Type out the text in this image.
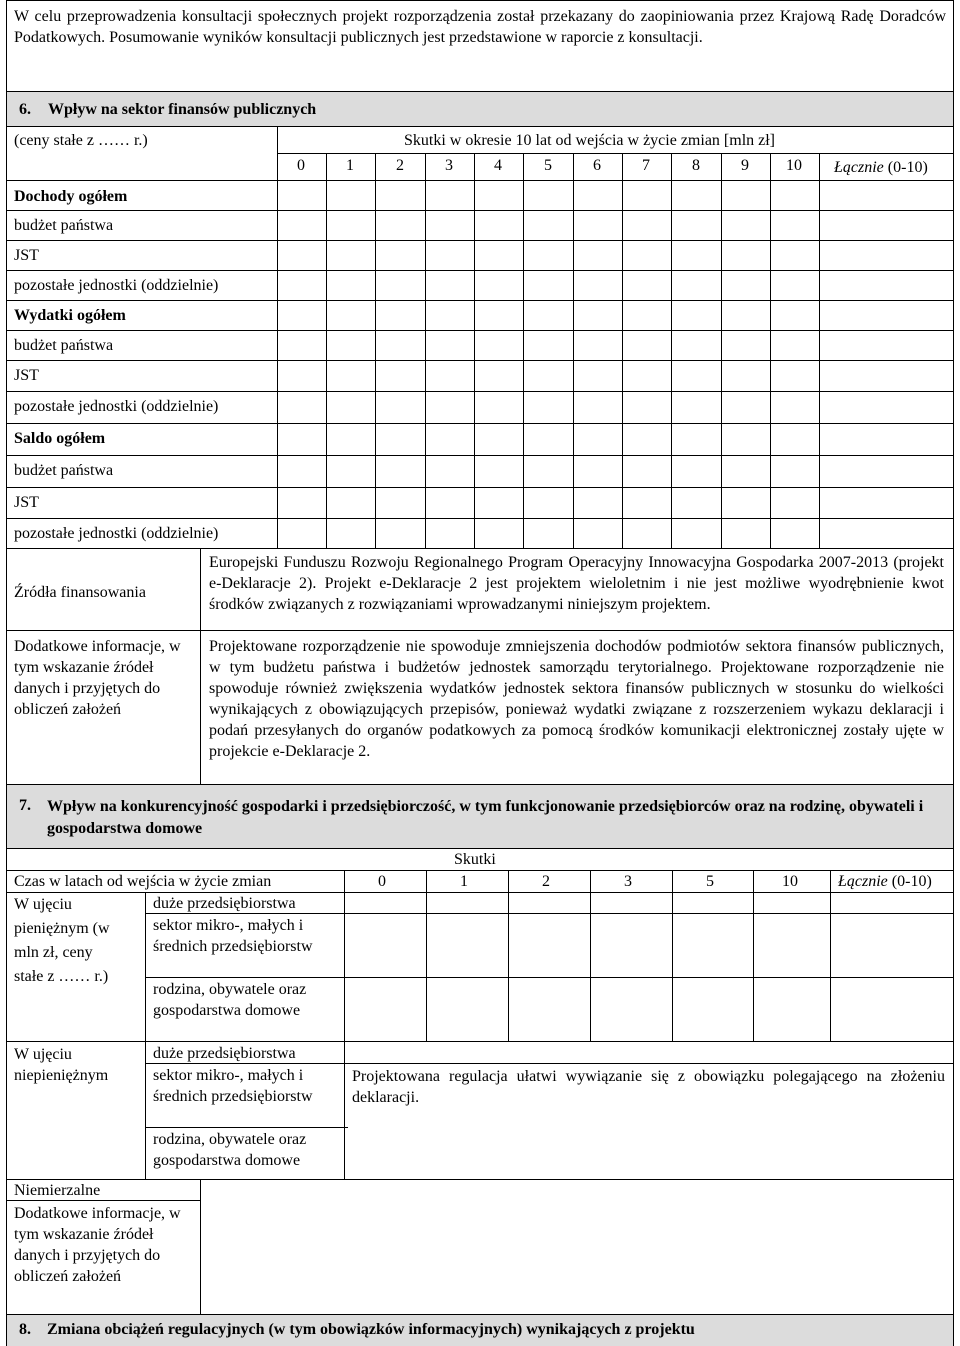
W celu przeprowadzenia konsultacji społecznych projekt rozporządzenia został przekazany do zaopiniowania przez Krajową Radę Doradców Podatkowych. Posumowanie wyników konsultacji publicznych jest przedstawione w raporcie z konsultacji.
6. Wpływ na sektor finansów publicznych
(ceny stałe z …… r.)	Skutki w okresie 10 lat od wejścia w życie zmian [mln zł]
0	1	2	3	4	5	6	7	8	9	10 Łącznie (0-10)
Dochody ogółem
budżet państwa
JST
pozostałe jednostki (oddzielnie)
Wydatki ogółem
budżet państwa
JST
pozostałe jednostki (oddzielnie)
Saldo ogółem
budżet państwa
JST
pozostałe jednostki (oddzielnie)
Źródła finansowania
Europejski Funduszu Rozwoju Regionalnego Program Operacyjny Innowacyjna Gospodarka 2007-2013 (projekt e-Deklaracje 2). Projekt e-Deklaracje 2 jest projektem wieloletnim i nie jest możliwe wyodrębnienie kwot środków związanych z rozwiązaniami wprowadzanymi niniejszym projektem.
Dodatkowe informacje, w tym wskazanie źródeł danych i przyjętych do obliczeń założeń
Projektowane rozporządzenie nie spowoduje zmniejszenia dochodów podmiotów sektora finansów publicznych, w tym budżetu państwa i budżetów jednostek samorządu terytorialnego. Projektowane rozporządzenie nie spowoduje również zwiększenia wydatków jednostek sektora finansów publicznych w stosunku do wielkości wynikających z obowiązujących przepisów, ponieważ wydatki związane z rozszerzeniem wykazu deklaracji i podań przesyłanych do organów podatkowych za pomocą środków komunikacji elektronicznej zostały ujęte w projekcie e-Deklaracje 2.
7. Wpływ na konkurencyjność gospodarki i przedsiębiorczość, w tym funkcjonowanie przedsiębiorców oraz na rodzinę, obywateli i gospodarstwa domowe
Skutki
Czas w latach od wejścia w życie zmian	0	1	2	3	5	10	Łącznie (0-10)
W ujęciu pieniężnym (w mln zł, ceny stałe z …… r.)
duże przedsiębiorstwa
sektor mikro-, małych i średnich przedsiębiorstw
rodzina, obywatele oraz gospodarstwa domowe
W ujęciu niepieniężnym
duże przedsiębiorstwa
sektor mikro-, małych i średnich przedsiębiorstw
rodzina, obywatele oraz gospodarstwa domowe
Projektowana regulacja ułatwi wywiązanie się z obowiązku polegającego na złożeniu deklaracji.
Niemierzalne
Dodatkowe informacje, w tym wskazanie źródeł danych i przyjętych do obliczeń założeń
8. Zmiana obciążeń regulacyjnych (w tym obowiązków informacyjnych) wynikających z projektu
